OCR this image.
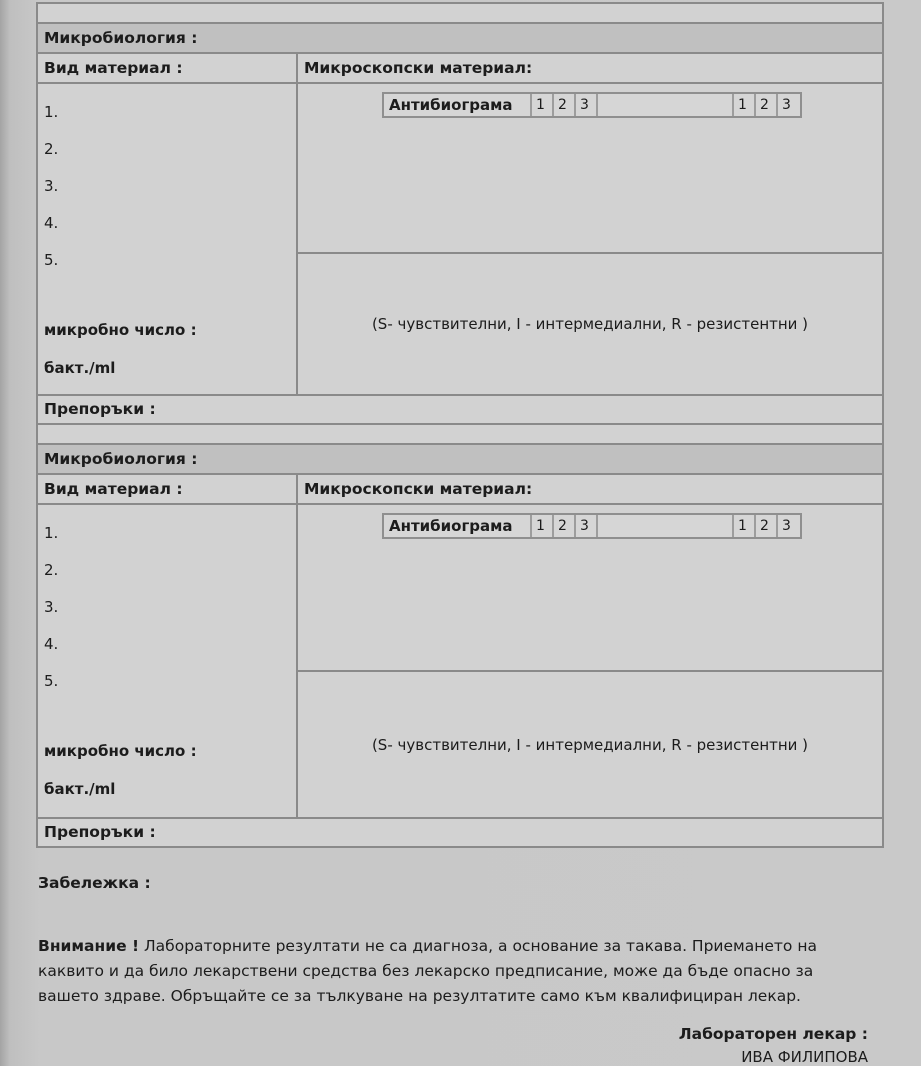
Микробиология :
Вид материал :	Микроскопски материал:
1.
2.
3.
4.
5.
микробно число :
бакт./ml
Антибиограма	1 2 3	1 2 3
(S- чувствителни, I - интермедиални, R - резистентни )
Препоръки :
Микробиология :
Вид материал :	Микроскопски материал:
1.
2.
3.
4.
5.
микробно число :
бакт./ml
Антибиограма	1 2 3	1 2 3
(S- чувствителни, I - интермедиални, R - резистентни )
Препоръки :
Забележка :
Внимание ! Лабораторните резултати не са диагноза, а основание за такава. Приемането на
каквито и да било лекарствени средства без лекарско предписание, може да бъде опасно за
вашето здраве. Обръщайте се за тълкуване на резултатите само към квалифициран лекар.
Лабораторен лекар :
ИВА ФИЛИПОВА
